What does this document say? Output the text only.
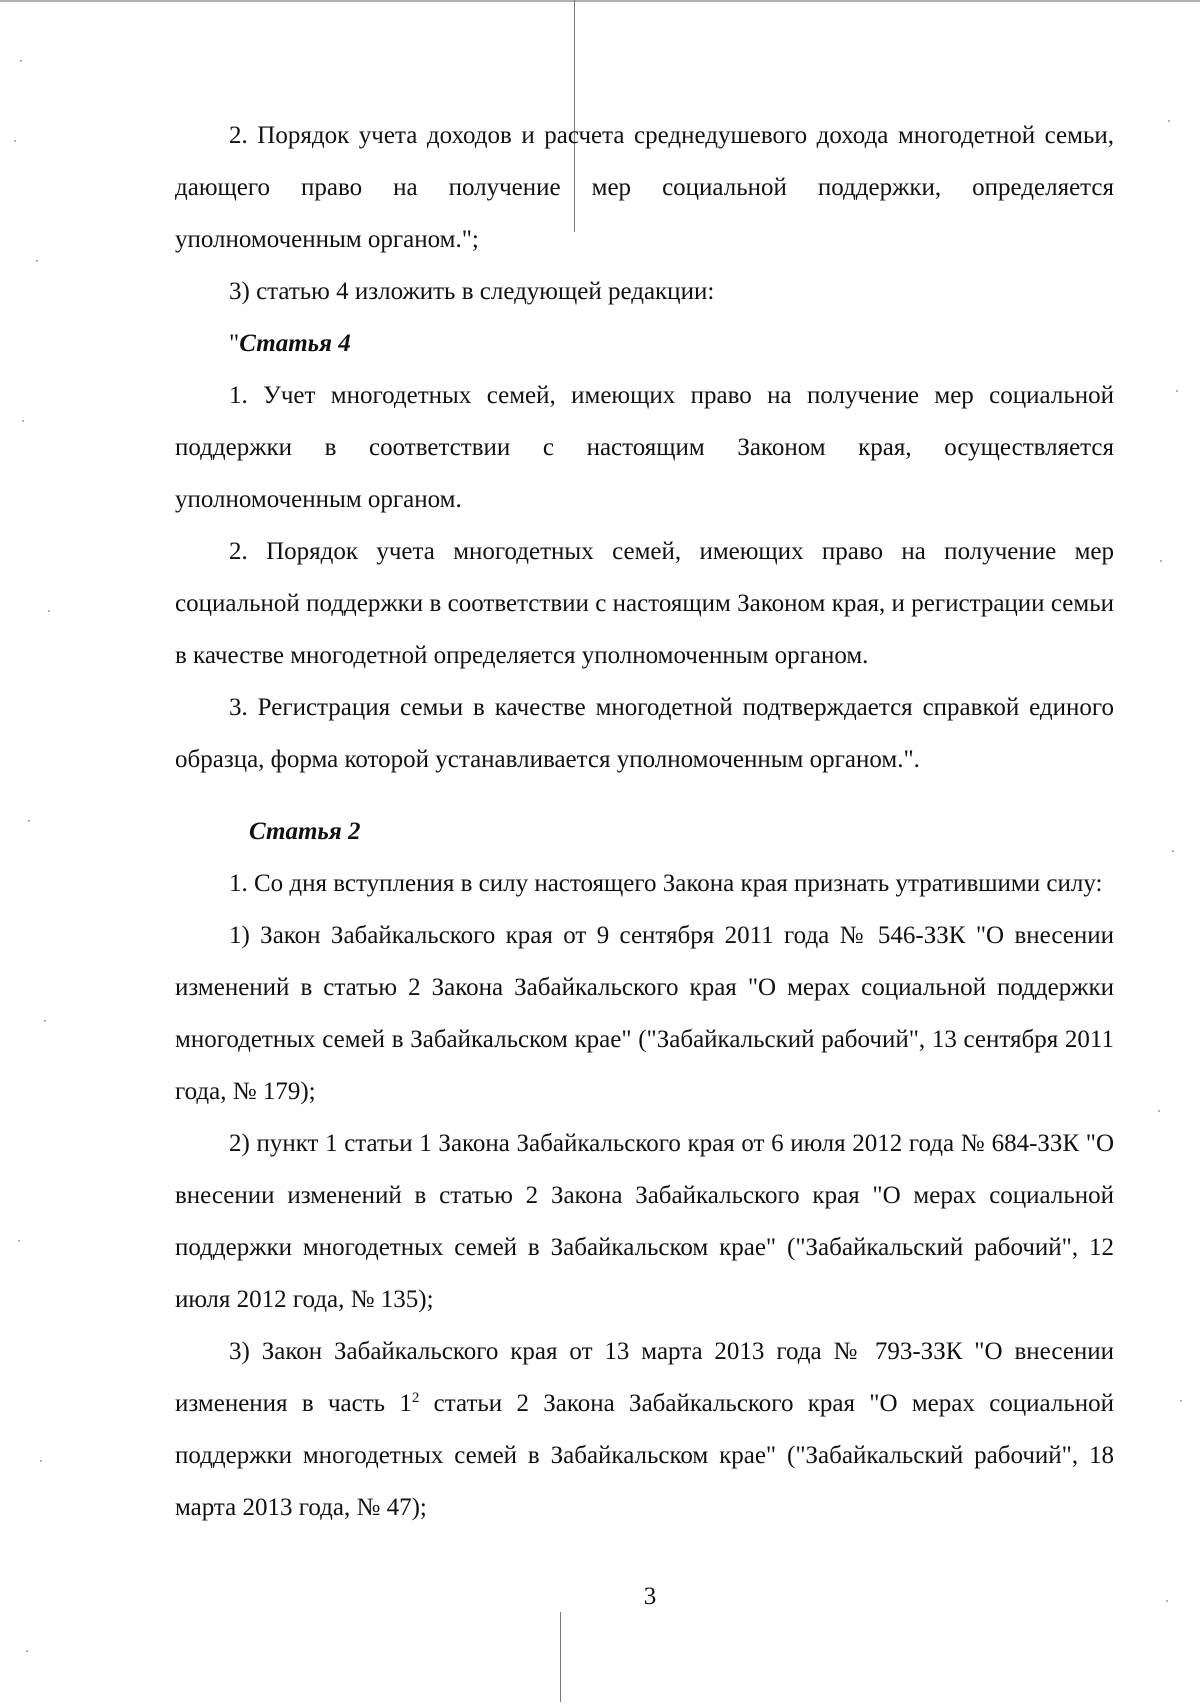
2. Порядок учета доходов и расчета среднедушевого дохода многодетной семьи, дающего право на получение мер социальной поддержки, определяется уполномоченным органом.";

3) статью 4 изложить в следующей редакции:

"Статья 4

1. Учет многодетных семей, имеющих право на получение мер социальной поддержки в соответствии с настоящим Законом края, осуществляется уполномоченным органом.

2. Порядок учета многодетных семей, имеющих право на получение мер социальной поддержки в соответствии с настоящим Законом края, и регистрации семьи в качестве многодетной определяется уполномоченным органом.

3. Регистрация семьи в качестве многодетной подтверждается справкой единого образца, форма которой устанавливается уполномоченным органом.".

Статья 2

1. Со дня вступления в силу настоящего Закона края признать утратившими силу:

1) Закон Забайкальского края от 9 сентября 2011 года № 546-ЗЗК "О внесении изменений в статью 2 Закона Забайкальского края "О мерах социальной поддержки многодетных семей в Забайкальском крае" ("Забайкальский рабочий", 13 сентября 2011 года, № 179);

2) пункт 1 статьи 1 Закона Забайкальского края от 6 июля 2012 года № 684-ЗЗК "О внесении изменений в статью 2 Закона Забайкальского края "О мерах социальной поддержки многодетных семей в Забайкальском крае" ("Забайкальский рабочий", 12 июля 2012 года, № 135);

3) Закон Забайкальского края от 13 марта 2013 года № 793-ЗЗК "О внесении изменения в часть $1^2$ статьи 2 Закона Забайкальского края "О мерах социальной поддержки многодетных семей в Забайкальском крае" ("Забайкальский рабочий", 18 марта 2013 года, № 47);

3
